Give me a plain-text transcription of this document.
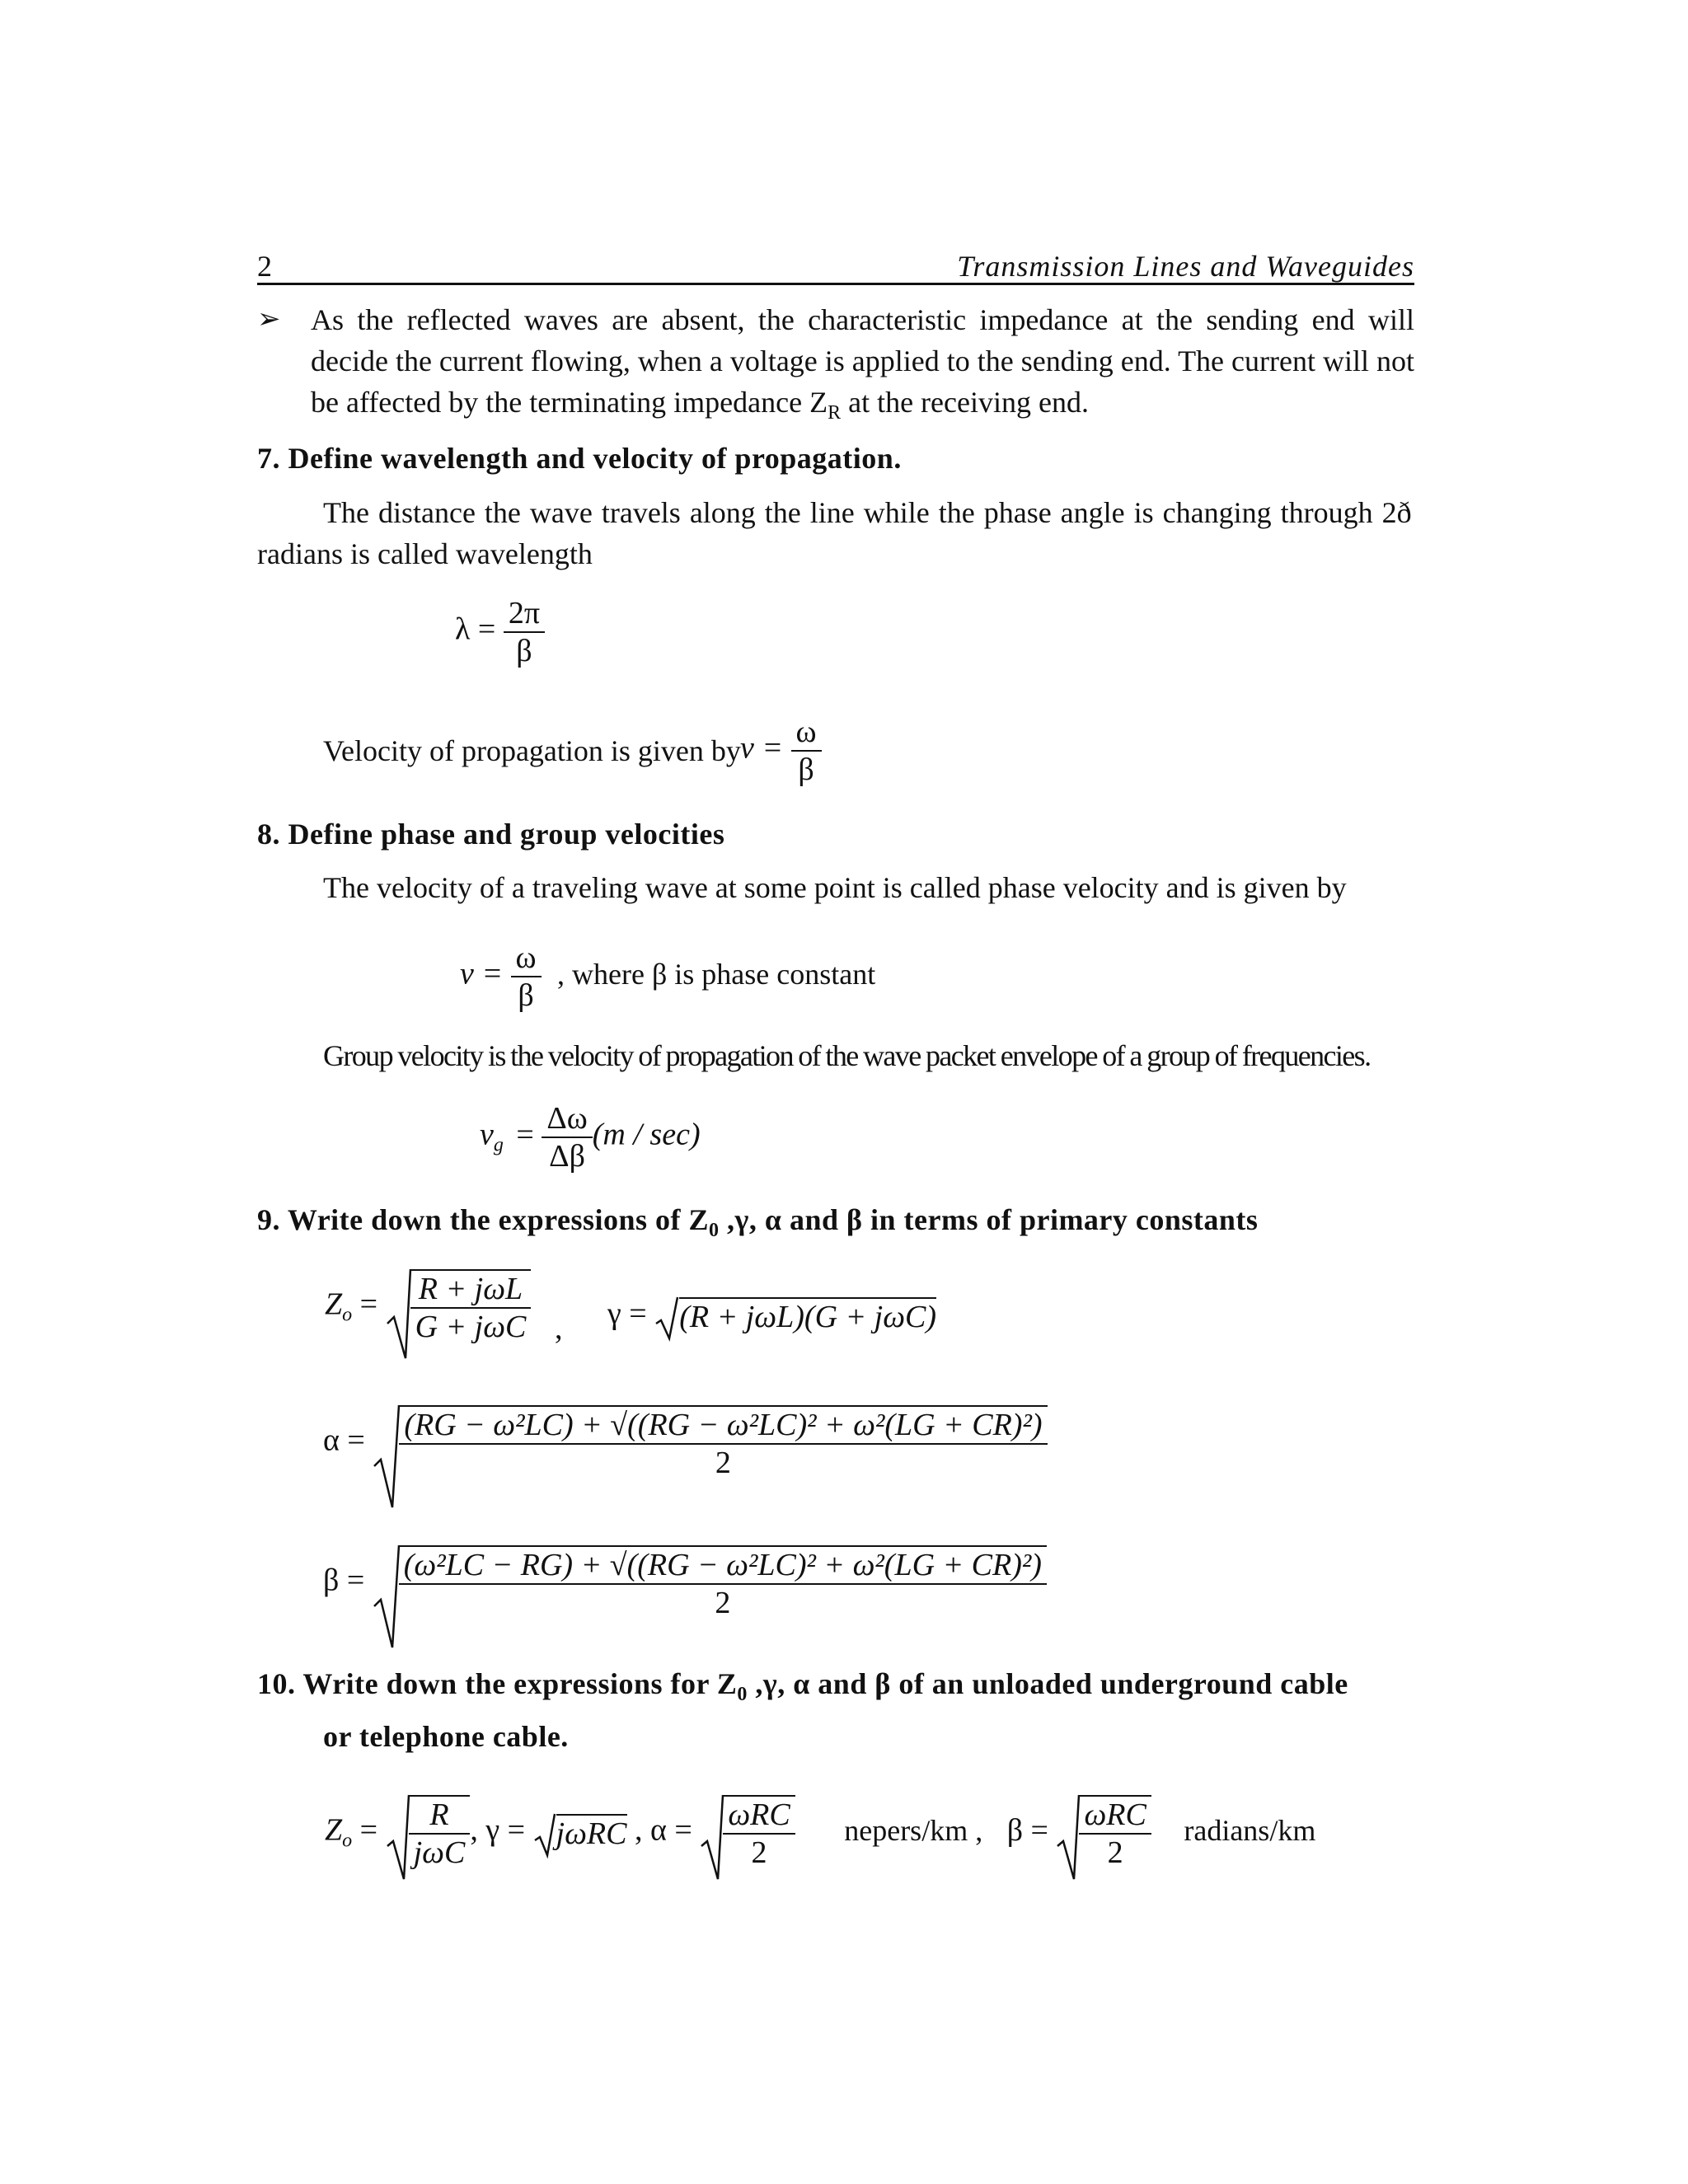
2	Transmission Lines and Waveguides
➢ As the reflected waves are absent, the characteristic impedance at the sending end will decide the current flowing, when a voltage is applied to the sending end. The current will not be affected by the terminating impedance $Z_R$ at the receiving end.
7. Define wavelength and velocity of propagation.
The distance the wave travels along the line while the phase angle is changing through 2ð
radians is called wavelength
$\lambda = \frac{2\pi}{\beta}$
Velocity of propagation is given by $v = \frac{\omega}{\beta}$
8. Define phase and group velocities
The velocity of a traveling wave at some point is called phase velocity and is given by
$v = \frac{\omega}{\beta}$ , where β is phase constant
Group velocity is the velocity of propagation of the wave packet envelope of a group of frequencies.
$v_g = \frac{\Delta\omega}{\Delta\beta} (m / \sec)$
9. Write down the expressions of $Z_0$ ,γ, α and β in terms of primary constants
$Z_o = \frac{\text{R + jωL}}{\text{G + jωC}}$ , γ = (R + jωL)(G + jωC)
$\alpha = \frac{\text{(RG − ω²LC) + √((RG − ω²LC)² + ω²(LG + CR)²)}}{2}$
$\beta = \frac{\text{(ω²LC − RG) + √((RG − ω²LC)² + ω²(LG + CR)²)}}{2}$
10. Write down the expressions for $Z_0$ ,γ, α and β of an unloaded underground cable
or telephone cable.
$Z_o = \frac{R}{\text{jωC}}$ , γ = jωRC , $\alpha = \frac{\text{ωRC}}{2}$ nepers/km , $\beta = \frac{\text{ωRC}}{2}$ radians/km
